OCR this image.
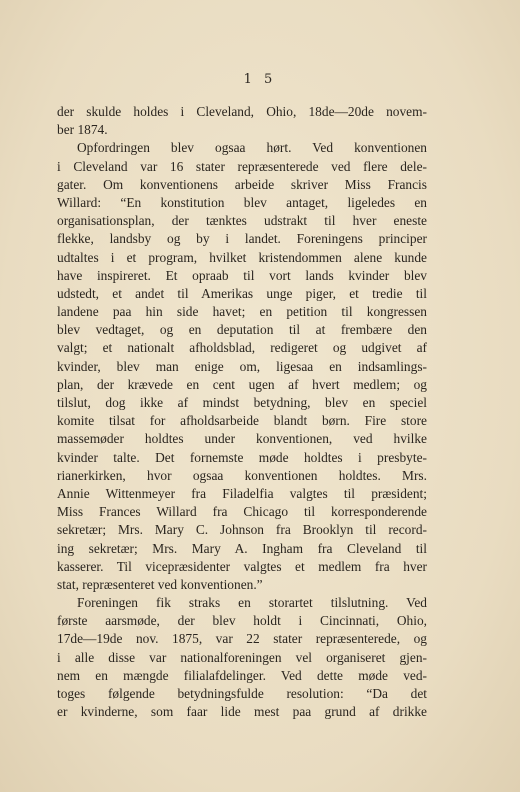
1 5
der skulde holdes i Cleveland, Ohio, 18de—20de novem-
ber 1874.
Opfordringen blev ogsaa hørt. Ved konventionen
i Cleveland var 16 stater repræsenterede ved flere dele-
gater. Om konventionens arbeide skriver Miss Francis
Willard: “En konstitution blev antaget, ligeledes en
organisationsplan, der tænktes udstrakt til hver eneste
flekke, landsby og by i landet. Foreningens principer
udtaltes i et program, hvilket kristendommen alene kunde
have inspireret. Et opraab til vort lands kvinder blev
udstedt, et andet til Amerikas unge piger, et tredie til
landene paa hin side havet; en petition til kongressen
blev vedtaget, og en deputation til at frembære den
valgt; et nationalt afholdsblad, redigeret og udgivet af
kvinder, blev man enige om, ligesaa en indsamlings-
plan, der krævede en cent ugen af hvert medlem; og
tilslut, dog ikke af mindst betydning, blev en speciel
komite tilsat for afholdsarbeide blandt børn. Fire store
massemøder holdtes under konventionen, ved hvilke
kvinder talte. Det fornemste møde holdtes i presbyte-
rianerkirken, hvor ogsaa konventionen holdtes. Mrs.
Annie Wittenmeyer fra Filadelfia valgtes til præsident;
Miss Frances Willard fra Chicago til korresponderende
sekretær; Mrs. Mary C. Johnson fra Brooklyn til record-
ing sekretær; Mrs. Mary A. Ingham fra Cleveland til
kasserer. Til vicepræsidenter valgtes et medlem fra hver
stat, repræsenteret ved konventionen.”
Foreningen fik straks en storartet tilslutning. Ved
første aarsmøde, der blev holdt i Cincinnati, Ohio,
17de—19de nov. 1875, var 22 stater repræsenterede, og
i alle disse var nationalforeningen vel organiseret gjen-
nem en mængde filialafdelinger. Ved dette møde ved-
toges følgende betydningsfulde resolution: “Da det
er kvinderne, som faar lide mest paa grund af drikke
